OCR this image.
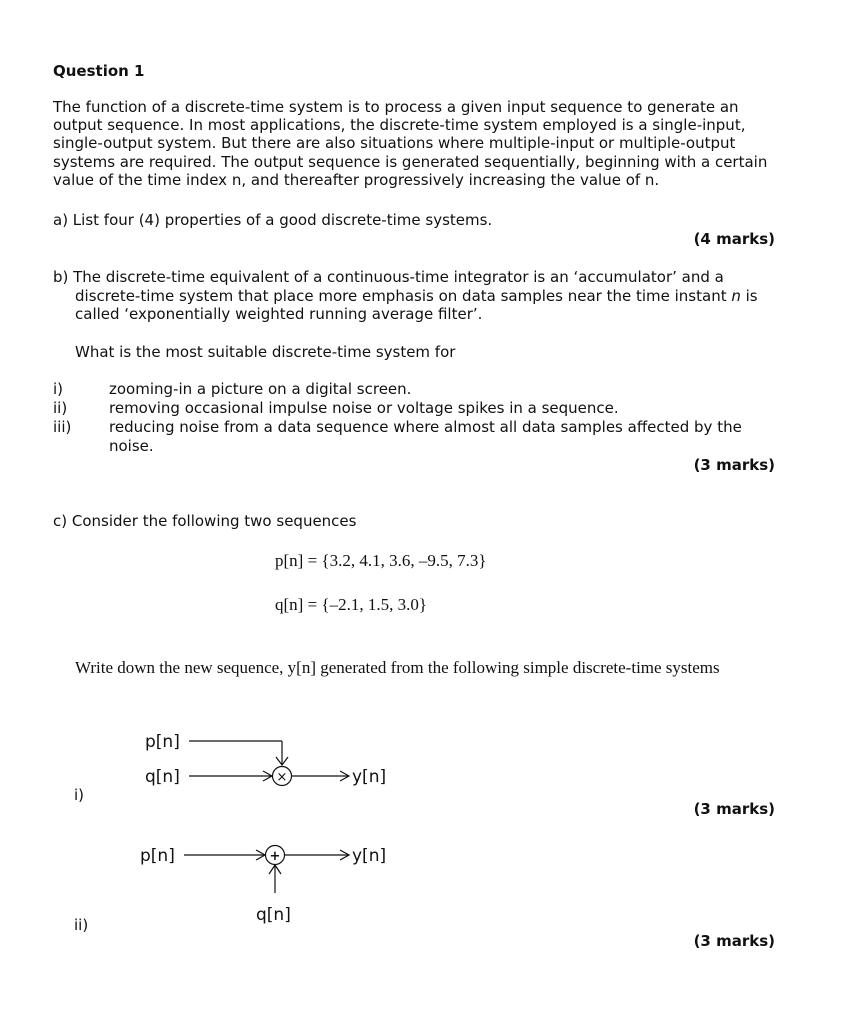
Question 1
The function of a discrete-time system is to process a given input sequence to generate an
output sequence. In most applications, the discrete-time system employed is a single-input,
single-output system. But there are also situations where multiple-input or multiple-output
systems are required. The output sequence is generated sequentially, beginning with a certain
value of the time index n, and thereafter progressively increasing the value of n.
a) List four (4) properties of a good discrete-time systems.
(4 marks)
b) The discrete-time equivalent of a continuous-time integrator is an ‘accumulator’ and a
discrete-time system that place more emphasis on data samples near the time instant n is
called ‘exponentially weighted running average filter’.
What is the most suitable discrete-time system for
i)	zooming-in a picture on a digital screen.
ii)	removing occasional impulse noise or voltage spikes in a sequence.
iii)	reducing noise from a data sequence where almost all data samples affected by the
noise.
(3 marks)
c) Consider the following two sequences
p[n] = {3.2, 4.1, 3.6, –9.5, 7.3}
q[n] = {–2.1, 1.5, 3.0}
Write down the new sequence, y[n] generated from the following simple discrete-time systems
i)
(3 marks)
ii)
(3 marks)
p[n]
q[n]	×	y[n]
p[n]	+	y[n]
q[n]
